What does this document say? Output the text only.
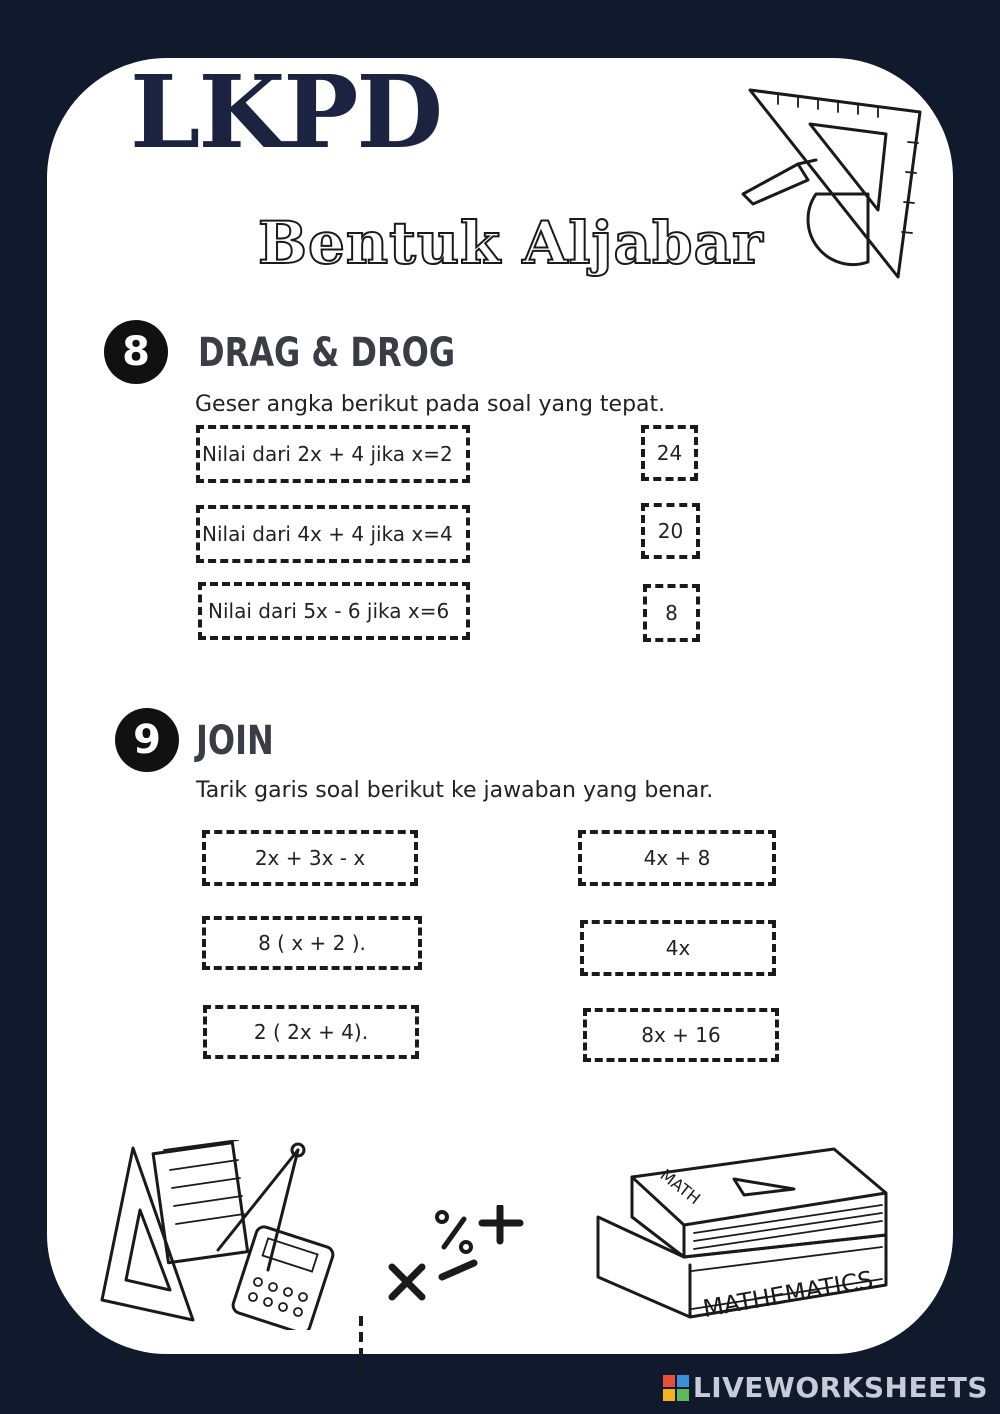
LKPD
Bentuk Aljabar
8	DRAG & DROG
Geser angka berikut pada soal yang tepat.
Nilai dari 2x + 4 jika x=2
Nilai dari 4x + 4 jika x=4
Nilai dari 5x - 6 jika x=6
24
20
8
9 JOIN
Tarik garis soal berikut ke jawaban yang benar.
2x + 3x - x
8 ( x + 2 ).
2 ( 2x + 4).
4x + 8
4x
8x + 16
MATH
MATHEMATICS
LIVEWORKSHEETS
